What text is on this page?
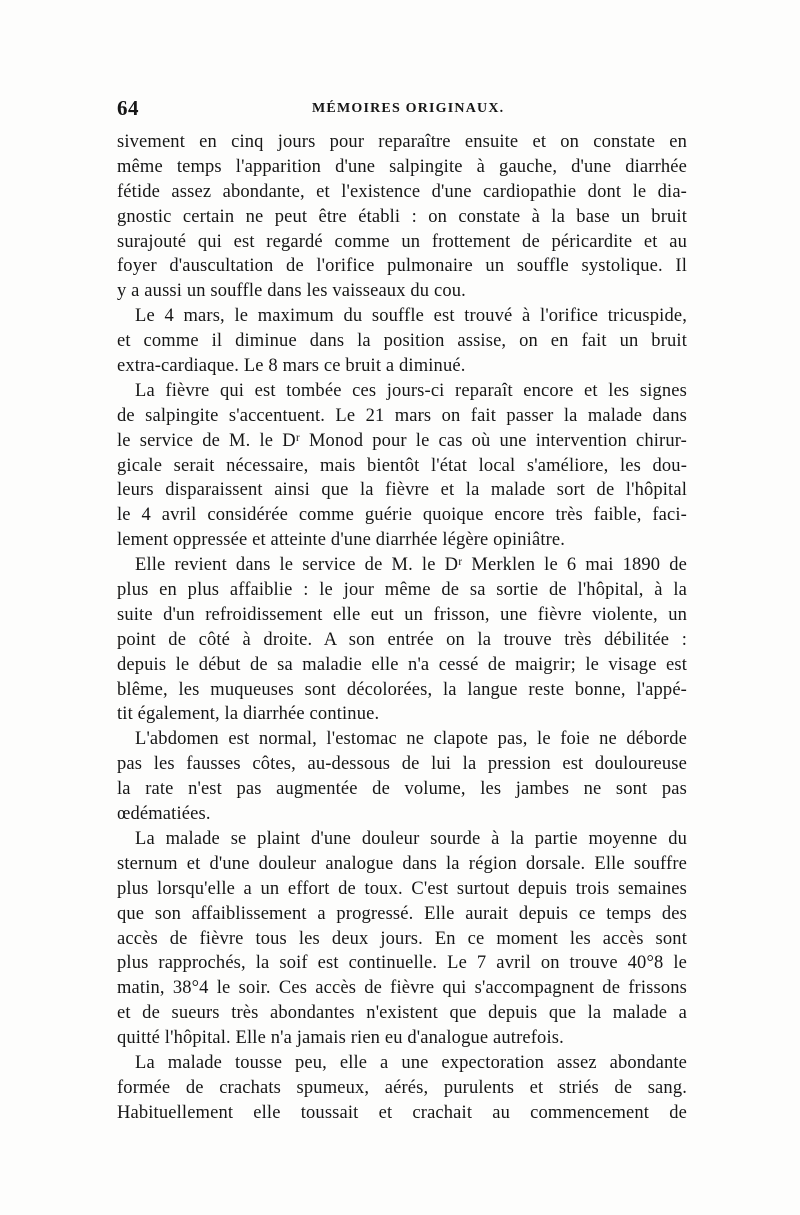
64	MÉMOIRES ORIGINAUX.
sivement en cinq jours pour reparaître ensuite et on constate en
même temps l'apparition d'une salpingite à gauche, d'une diarrhée
fétide assez abondante, et l'existence d'une cardiopathie dont le dia-
gnostic certain ne peut être établi : on constate à la base un bruit
surajouté qui est regardé comme un frottement de péricardite et au
foyer d'auscultation de l'orifice pulmonaire un souffle systolique. Il
y a aussi un souffle dans les vaisseaux du cou.
Le 4 mars, le maximum du souffle est trouvé à l'orifice tricuspide,
et comme il diminue dans la position assise, on en fait un bruit
extra-cardiaque. Le 8 mars ce bruit a diminué.
La fièvre qui est tombée ces jours-ci reparaît encore et les signes
de salpingite s'accentuent. Le 21 mars on fait passer la malade dans
le service de M. le Dʳ Monod pour le cas où une intervention chirur-
gicale serait nécessaire, mais bientôt l'état local s'améliore, les dou-
leurs disparaissent ainsi que la fièvre et la malade sort de l'hôpital
le 4 avril considérée comme guérie quoique encore très faible, faci-
lement oppressée et atteinte d'une diarrhée légère opiniâtre.
Elle revient dans le service de M. le Dʳ Merklen le 6 mai 1890 de
plus en plus affaiblie : le jour même de sa sortie de l'hôpital, à la
suite d'un refroidissement elle eut un frisson, une fièvre violente, un
point de côté à droite. A son entrée on la trouve très débilitée :
depuis le début de sa maladie elle n'a cessé de maigrir; le visage est
blême, les muqueuses sont décolorées, la langue reste bonne, l'appé-
tit également, la diarrhée continue.
L'abdomen est normal, l'estomac ne clapote pas, le foie ne déborde
pas les fausses côtes, au-dessous de lui la pression est douloureuse
la rate n'est pas augmentée de volume, les jambes ne sont pas
œdématiées.
La malade se plaint d'une douleur sourde à la partie moyenne du
sternum et d'une douleur analogue dans la région dorsale. Elle souffre
plus lorsqu'elle a un effort de toux. C'est surtout depuis trois semaines
que son affaiblissement a progressé. Elle aurait depuis ce temps des
accès de fièvre tous les deux jours. En ce moment les accès sont
plus rapprochés, la soif est continuelle. Le 7 avril on trouve 40°8 le
matin, 38°4 le soir. Ces accès de fièvre qui s'accompagnent de frissons
et de sueurs très abondantes n'existent que depuis que la malade a
quitté l'hôpital. Elle n'a jamais rien eu d'analogue autrefois.
La malade tousse peu, elle a une expectoration assez abondante
formée de crachats spumeux, aérés, purulents et striés de sang.
Habituellement elle toussait et crachait au commencement de
